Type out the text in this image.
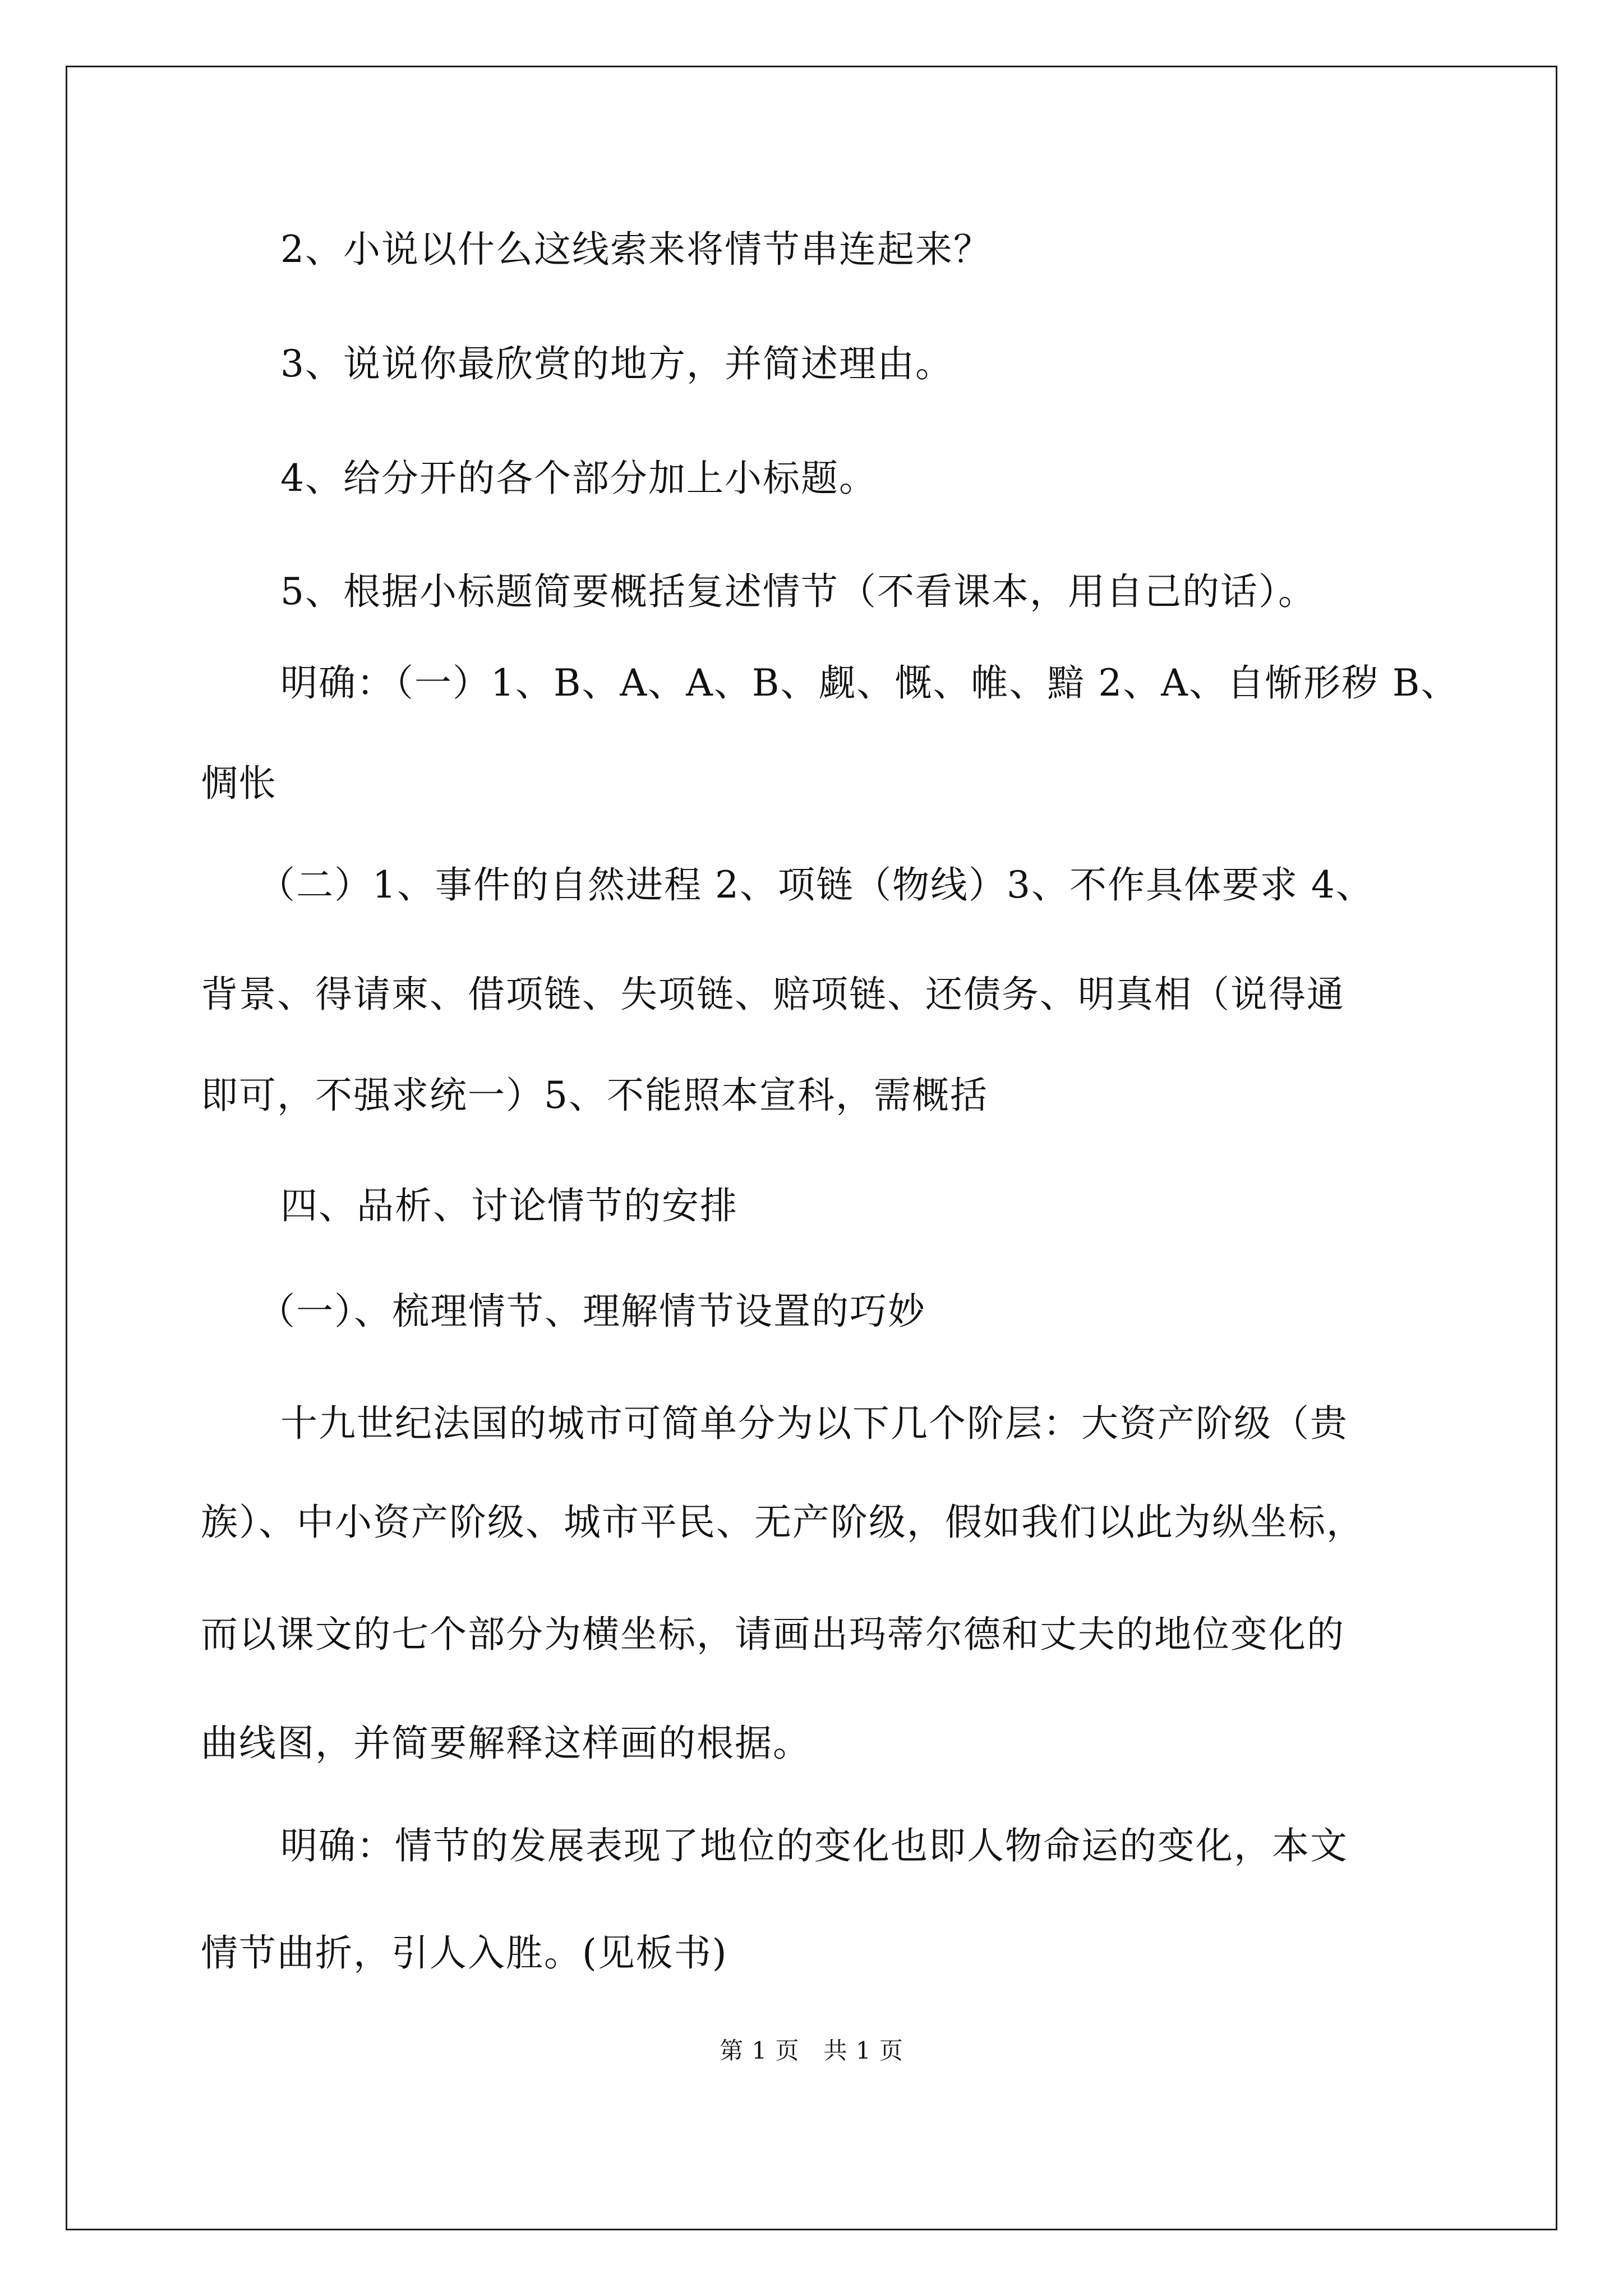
2、小说以什么这线索来将情节串连起来？
3、说说你最欣赏的地方，并简述理由。
4、给分开的各个部分加上小标题。
5、根据小标题简要概括复述情节（不看课本，用自己的话）。
明确：（一）1、B、A、A、B、觑、慨、帷、黯 2、A、自惭形秽 B、
惆怅
（二）1、事件的自然进程 2、项链（物线）3、不作具体要求 4、
背景、得请柬、借项链、失项链、赔项链、还债务、明真相（说得通
即可，不强求统一）5、不能照本宣科，需概括
四、品析、讨论情节的安排
（一）、梳理情节、理解情节设置的巧妙
十九世纪法国的城市可简单分为以下几个阶层：大资产阶级（贵
族）、中小资产阶级、城市平民、无产阶级，假如我们以此为纵坐标，
而以课文的七个部分为横坐标，请画出玛蒂尔德和丈夫的地位变化的
曲线图，并简要解释这样画的根据。
明确：情节的发展表现了地位的变化也即人物命运的变化，本文
情节曲折，引人入胜。(见板书)
第 1 页　共 1 页
